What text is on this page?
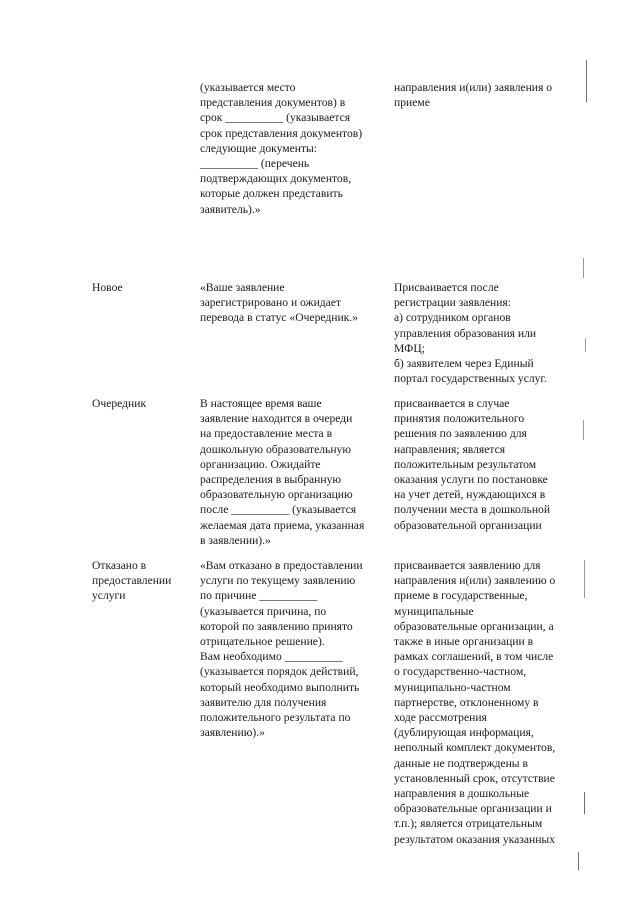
(указывается место
представления документов) в
срок __________ (указывается
срок представления документов)
следующие документы:
__________ (перечень
подтверждающих документов,
которые должен представить
заявитель).»
направления и(или) заявления о
приеме
Новое	«Ваше заявление
зарегистрировано и ожидает
перевода в статус «Очередник.»
Присваивается после
регистрации заявления:
а) сотрудником органов
управления образования или
МФЦ;
б) заявителем через Единый
портал государственных услуг.
Очередник	В настоящее время ваше
заявление находится в очереди
на предоставление места в
дошкольную образовательную
организацию. Ожидайте
распределения в выбранную
образовательную организацию
после __________ (указывается
желаемая дата приема, указанная
в заявлении).»
присваивается в случае
принятия положительного
решения по заявлению для
направления; является
положительным результатом
оказания услуги по постановке
на учет детей, нуждающихся в
получении места в дошкольной
образовательной организации
Отказано в
предоставлении
услуги
«Вам отказано в предоставлении
услуги по текущему заявлению
по причине __________
(указывается причина, по
которой по заявлению принято
отрицательное решение).
Вам необходимо __________
(указывается порядок действий,
который необходимо выполнить
заявителю для получения
положительного результата по
заявлению).»
присваивается заявлению для
направления и(или) заявлению о
приеме в государственные,
муниципальные
образовательные организации, а
также в иные организации в
рамках соглашений, в том числе
о государственно-частном,
муниципально-частном
партнерстве, отклоненному в
ходе рассмотрения
(дублирующая информация,
неполный комплект документов,
данные не подтверждены в
установленный срок, отсутствие
направления в дошкольные
образовательные организации и
т.п.); является отрицательным
результатом оказания указанных
